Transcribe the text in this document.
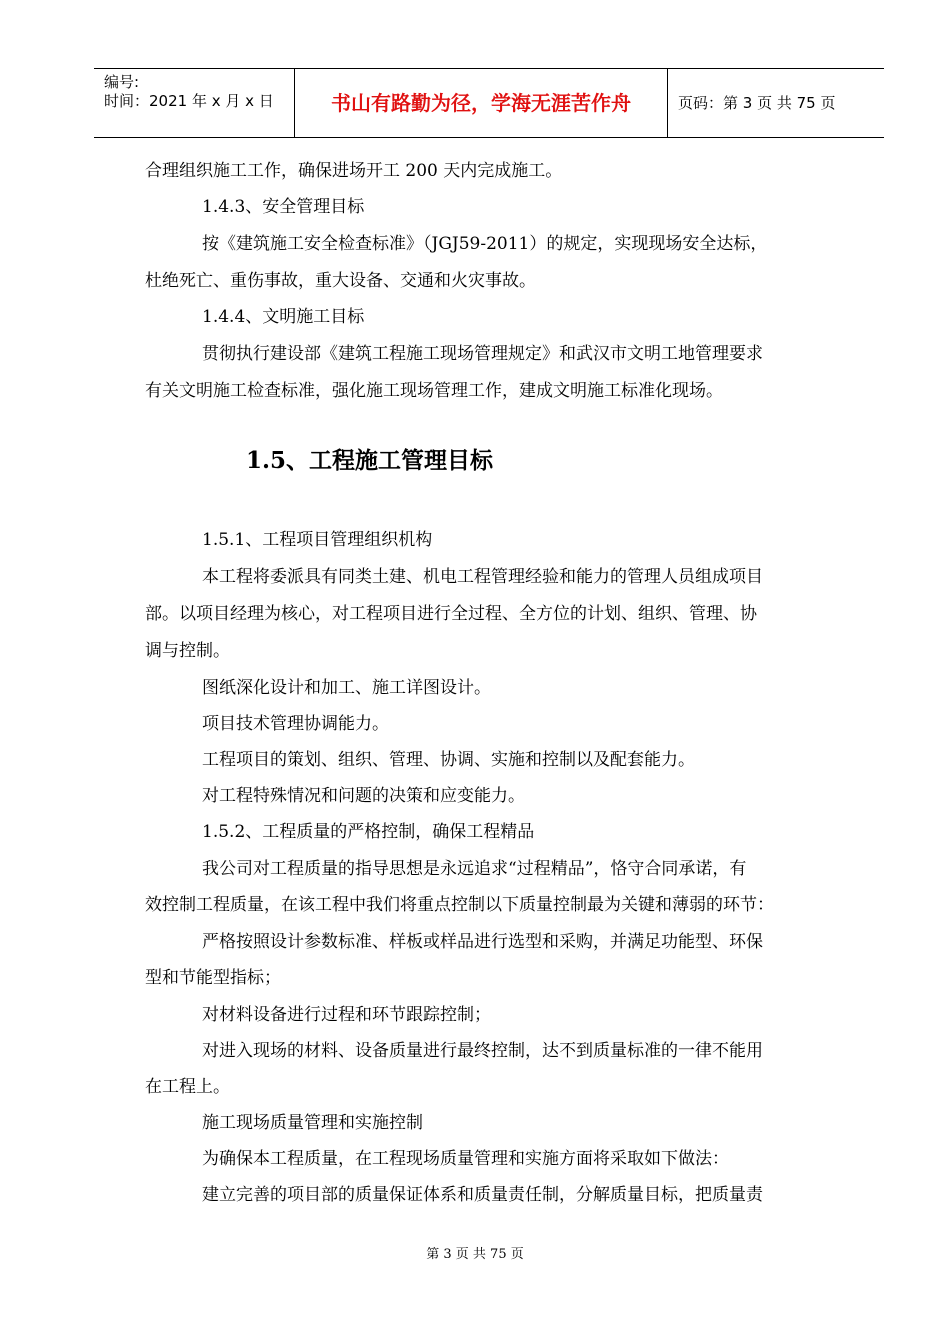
编号:
时间：2021 年 x 月 x 日	书山有路勤为径，学海无涯苦作舟	页码：第 3 页 共 75 页
合理组织施工工作，确保进场开工 200 天内完成施工。
1.4.3、安全管理目标
按《建筑施工安全检查标准》（JGJ59-2011）的规定，实现现场安全达标，
杜绝死亡、重伤事故，重大设备、交通和火灾事故。
1.4.4、文明施工目标
贯彻执行建设部《建筑工程施工现场管理规定》和武汉市文明工地管理要求
有关文明施工检查标准，强化施工现场管理工作，建成文明施工标准化现场。
1.5、工程施工管理目标
1.5.1、工程项目管理组织机构
本工程将委派具有同类土建、机电工程管理经验和能力的管理人员组成项目
部。以项目经理为核心，对工程项目进行全过程、全方位的计划、组织、管理、协
调与控制。
图纸深化设计和加工、施工详图设计。
项目技术管理协调能力。
工程项目的策划、组织、管理、协调、实施和控制以及配套能力。
对工程特殊情况和问题的决策和应变能力。
1.5.2、工程质量的严格控制，确保工程精品
我公司对工程质量的指导思想是永远追求“过程精品”，恪守合同承诺，有
效控制工程质量，在该工程中我们将重点控制以下质量控制最为关键和薄弱的环节：
严格按照设计参数标准、样板或样品进行选型和采购，并满足功能型、环保
型和节能型指标；
对材料设备进行过程和环节跟踪控制；
对进入现场的材料、设备质量进行最终控制，达不到质量标准的一律不能用
在工程上。
施工现场质量管理和实施控制
为确保本工程质量，在工程现场质量管理和实施方面将采取如下做法：
建立完善的项目部的质量保证体系和质量责任制，分解质量目标，把质量责
第 3 页 共 75 页
